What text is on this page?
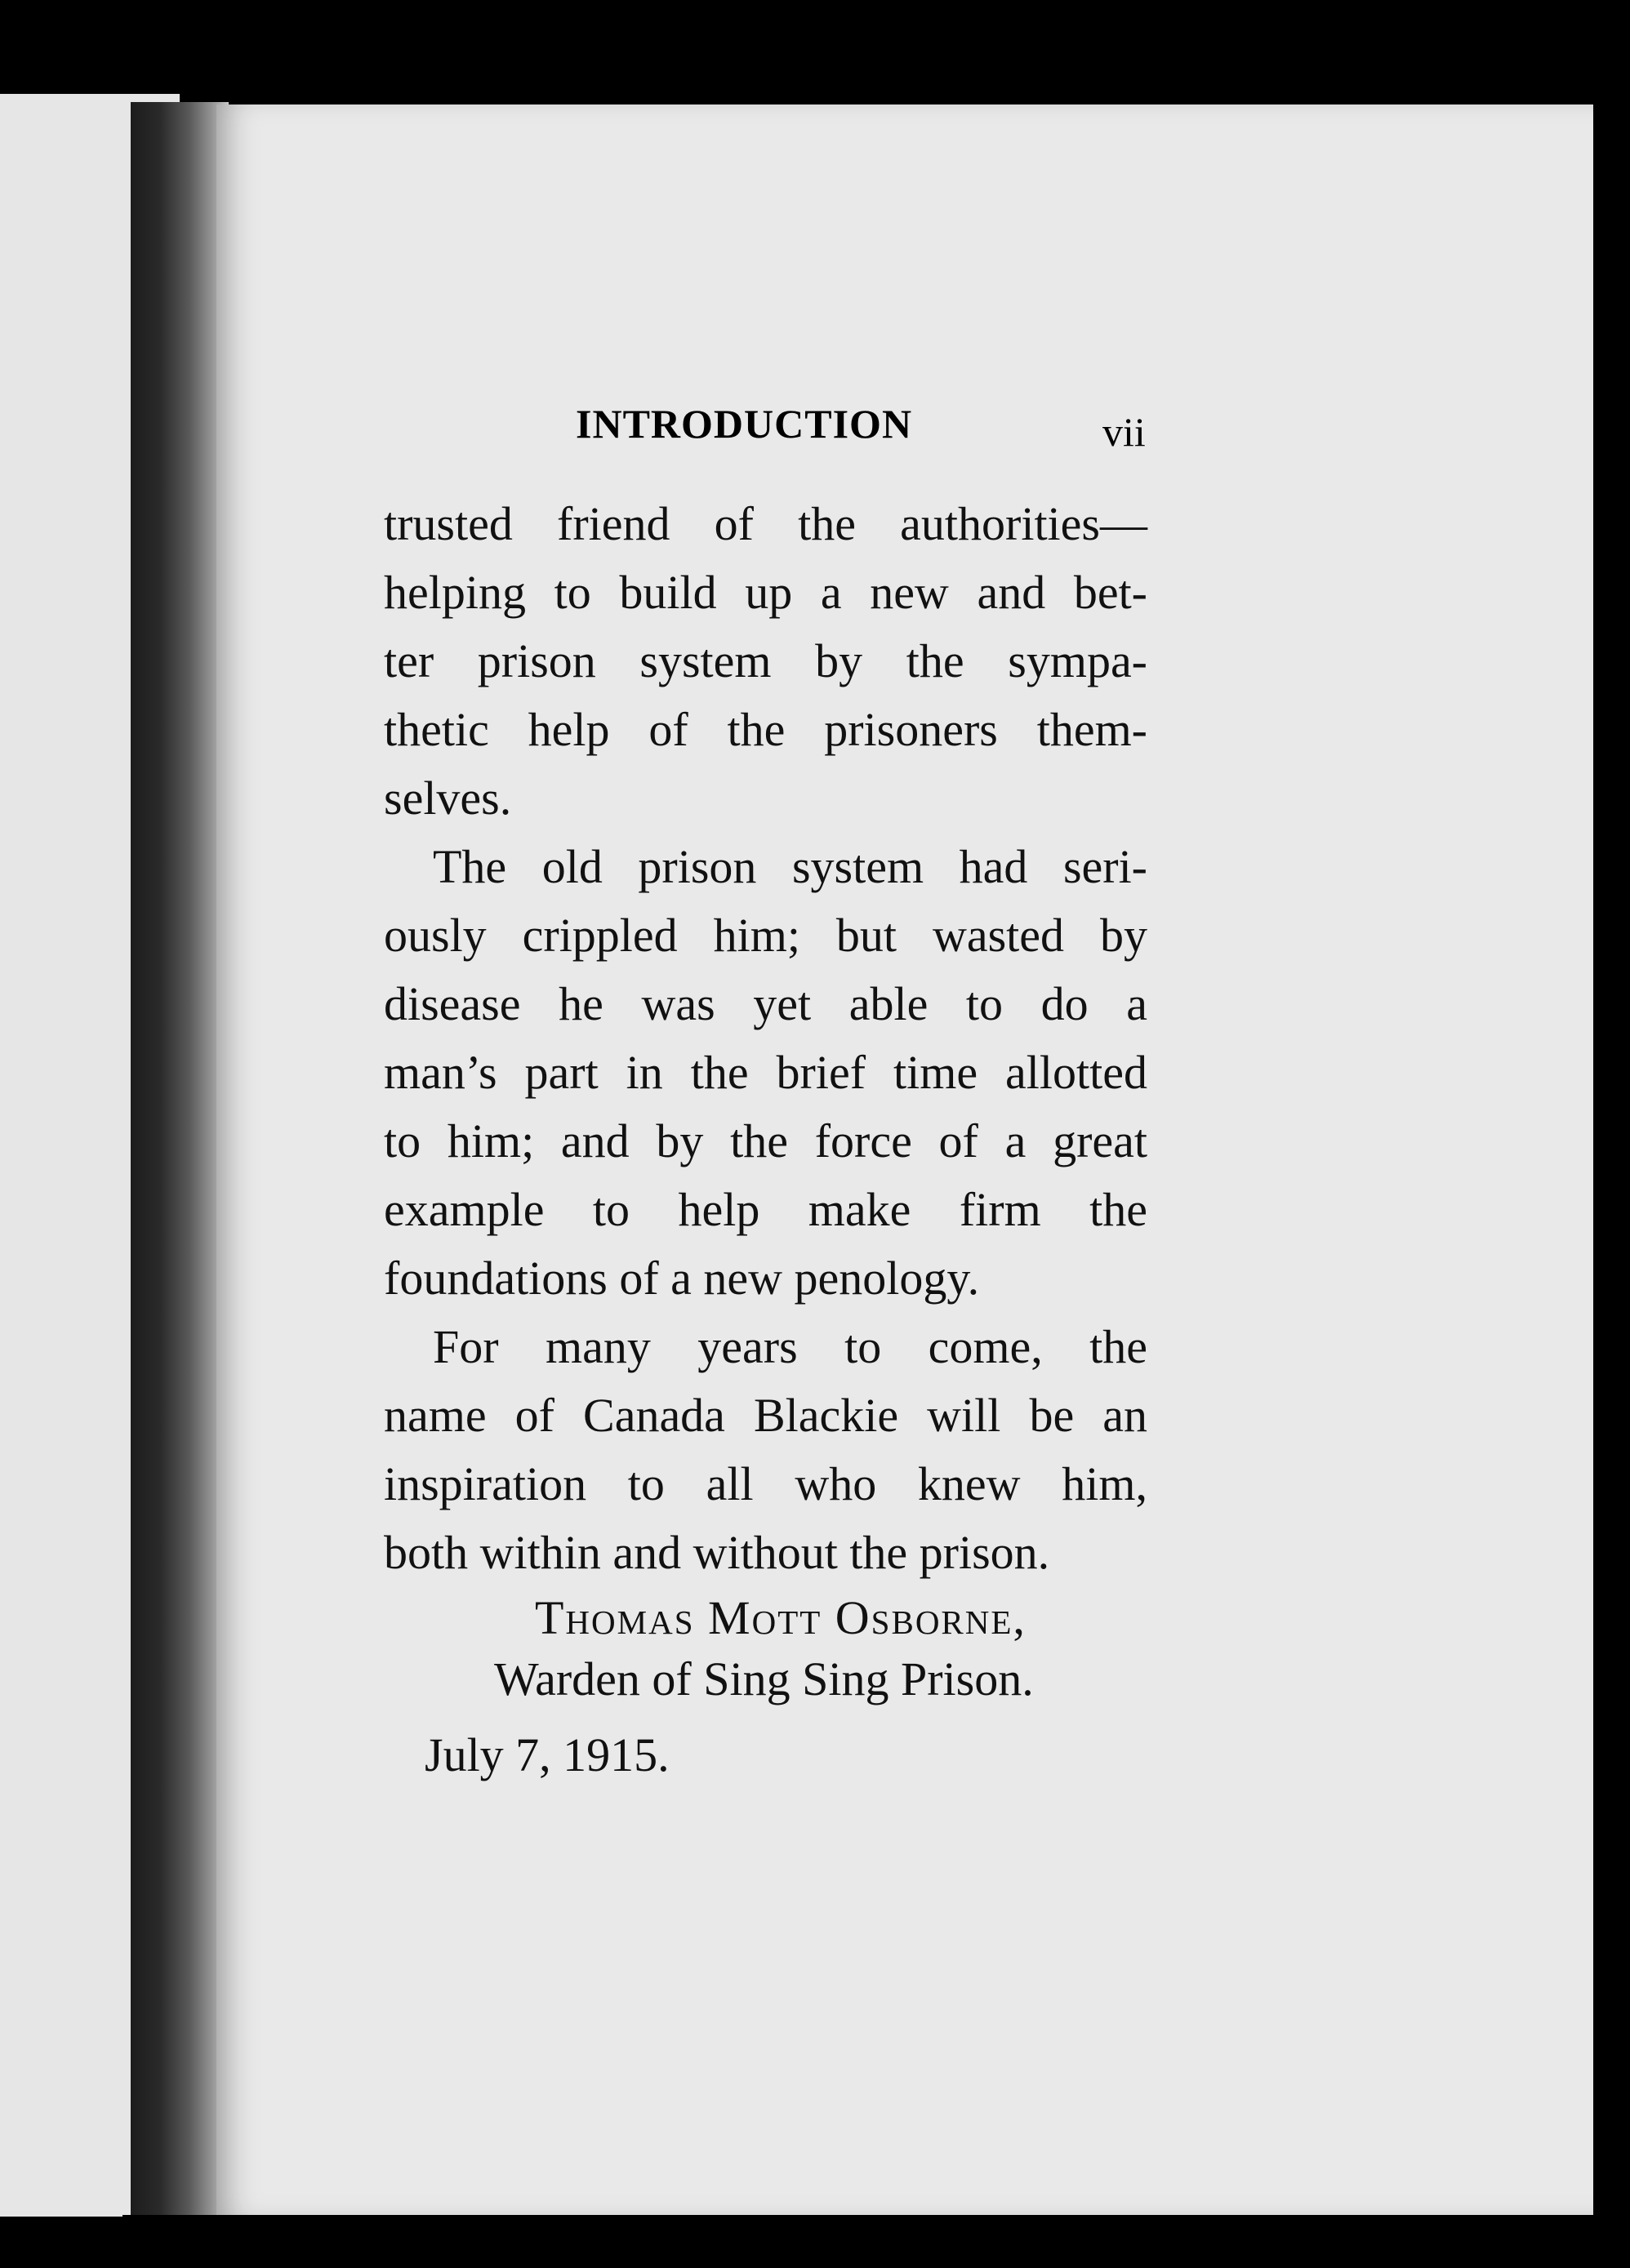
INTRODUCTION	vii
trusted friend of the authorities—
helping to build up a new and bet-
ter prison system by the sympa-
thetic help of the prisoners them-
selves.
The old prison system had seri-
ously crippled him; but wasted by
disease he was yet able to do a
man’s part in the brief time allotted
to him; and by the force of a great
example to help make firm the
foundations of a new penology.
For many years to come, the
name of Canada Blackie will be an
inspiration to all who knew him,
both within and without the prison.
Thomas Mott Osborne,
Warden of Sing Sing Prison.
July 7, 1915.
